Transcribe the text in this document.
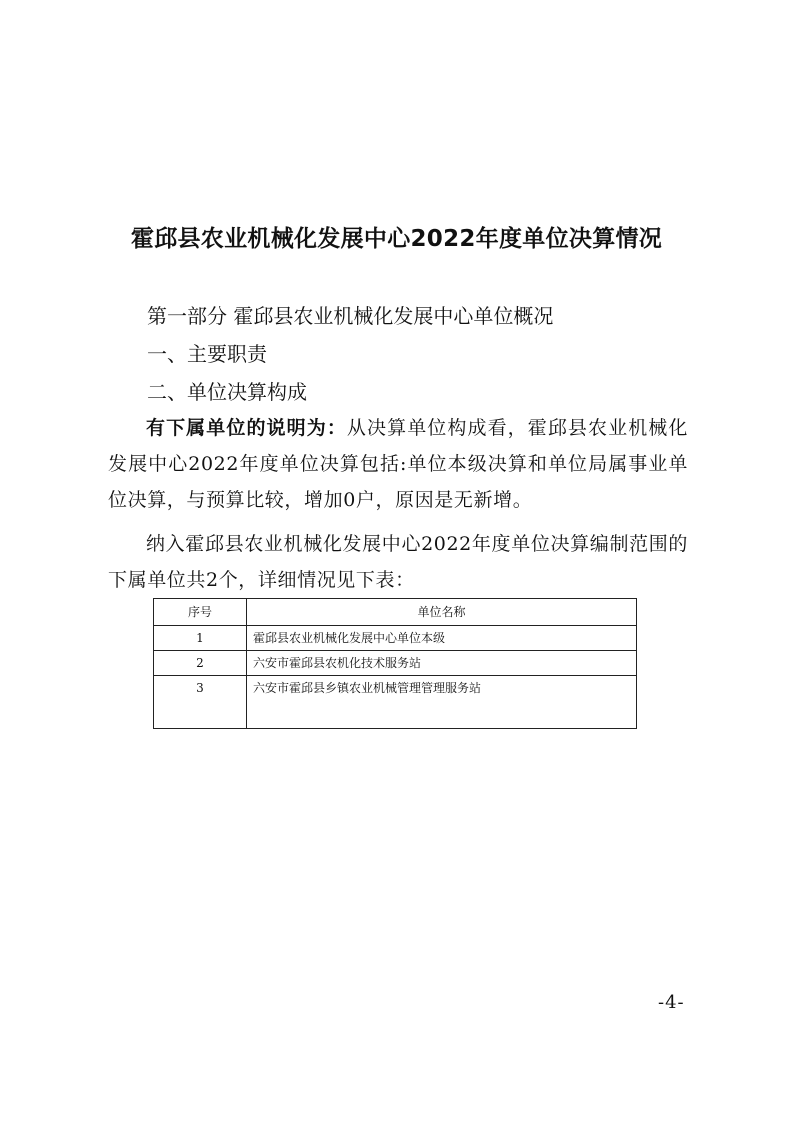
霍邱县农业机械化发展中心2022年度单位决算情况
第一部分 霍邱县农业机械化发展中心单位概况
一、主要职责
二、单位决算构成
有下属单位的说明为：从决算单位构成看，霍邱县农业机械化发展中心2022年度单位决算包括:单位本级决算和单位局属事业单位决算，与预算比较，增加0户，原因是无新增。
纳入霍邱县农业机械化发展中心2022年度单位决算编制范围的下属单位共2个，详细情况见下表：
序号	单位名称
1	霍邱县农业机械化发展中心单位本级
2	六安市霍邱县农机化技术服务站
3	六安市霍邱县乡镇农业机械管理管理服务站
-4-
